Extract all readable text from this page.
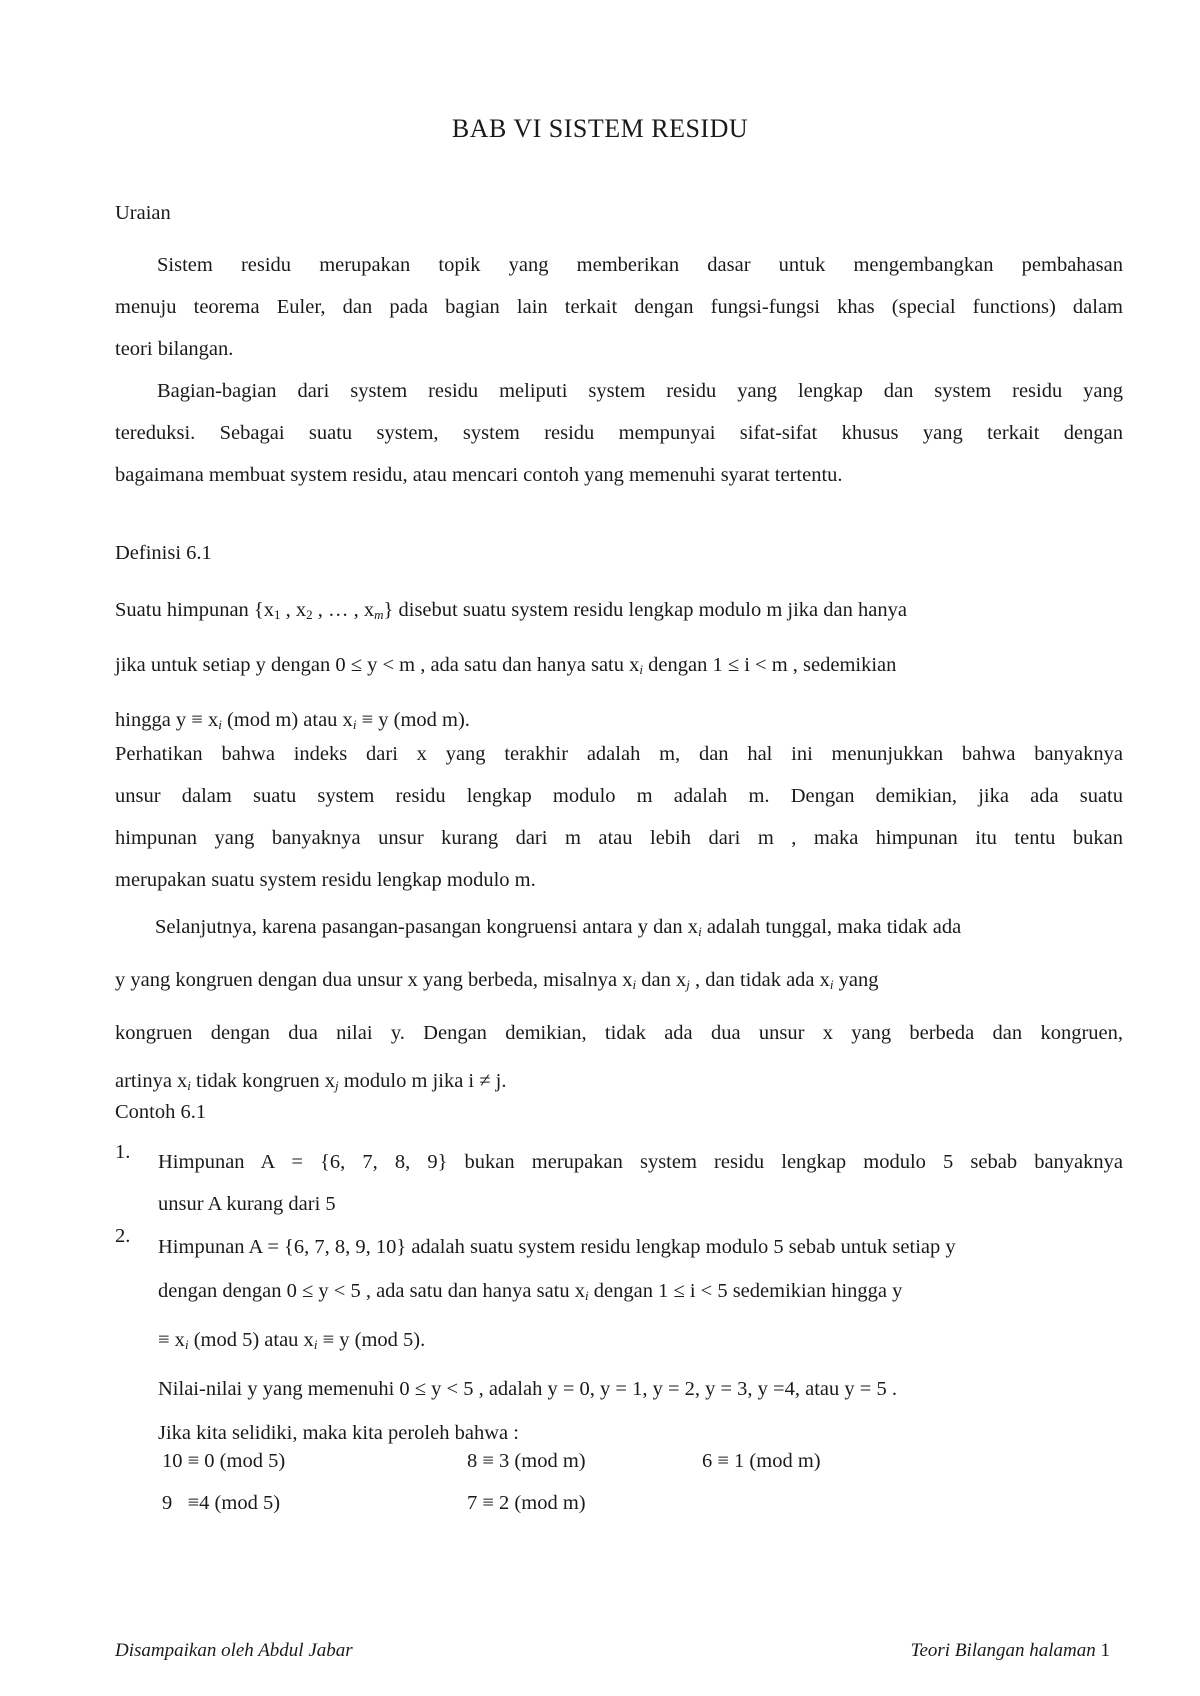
BAB VI SISTEM RESIDU
Uraian
Sistem residu merupakan topik yang memberikan dasar untuk mengembangkan pembahasan
menuju teorema Euler, dan pada bagian lain terkait dengan fungsi-fungsi khas (special functions) dalam
teori bilangan.
Bagian-bagian dari system residu meliputi system residu yang lengkap dan system residu yang
tereduksi. Sebagai suatu system, system residu mempunyai sifat-sifat khusus yang terkait dengan
bagaimana membuat system residu, atau mencari contoh yang memenuhi syarat tertentu.
Definisi 6.1
Suatu himpunan {x1 , x2 , … , $x_m$} disebut suatu system residu lengkap modulo m jika dan hanya
jika untuk setiap y dengan 0 ≤ y < m , ada satu dan hanya satu $x_i$ dengan 1 ≤ i < m , sedemikian
hingga $y \equiv x_i$ (mod m) atau $x_i \equiv y$ (mod m).
Perhatikan bahwa indeks dari x yang terakhir adalah m, dan hal ini menunjukkan bahwa banyaknya
unsur dalam suatu system residu lengkap modulo m adalah m. Dengan demikian, jika ada suatu
himpunan yang banyaknya unsur kurang dari m atau lebih dari m , maka himpunan itu tentu bukan
merupakan suatu system residu lengkap modulo m.
Selanjutnya, karena pasangan-pasangan kongruensi antara y dan $x_i$ adalah tunggal, maka tidak ada
y yang kongruen dengan dua unsur x yang berbeda, misalnya $x_i$ dan $x_j$ , dan tidak ada $x_i$ yang
kongruen dengan dua nilai y. Dengan demikian, tidak ada dua unsur x yang berbeda dan kongruen,
artinya $x_i$ tidak kongruen $x_j$ modulo m jika i ≠ j.
Contoh 6.1
1. Himpunan A = {6, 7, 8, 9} bukan merupakan system residu lengkap modulo 5 sebab banyaknya
unsur A kurang dari 5
2. Himpunan A = {6, 7, 8, 9, 10} adalah suatu system residu lengkap modulo 5 sebab untuk setiap y
dengan dengan 0 ≤ y < 5 , ada satu dan hanya satu $x_i$ dengan 1 ≤ i < 5 sedemikian hingga y
≡ $x_i$ (mod 5) atau $x_i \equiv y$ (mod 5).
Nilai-nilai y yang memenuhi 0 ≤ y < 5 , adalah y = 0, y = 1, y = 2, y = 3, y =4, atau y = 5 .
Jika kita selidiki, maka kita peroleh bahwa :
10 ≡ 0 (mod 5)	8 ≡ 3 (mod m)	6 ≡ 1 (mod m)
9   ≡4 (mod 5)	7 ≡ 2 (mod m)
Disampaikan oleh Abdul Jabar	Teori Bilangan halaman 1
